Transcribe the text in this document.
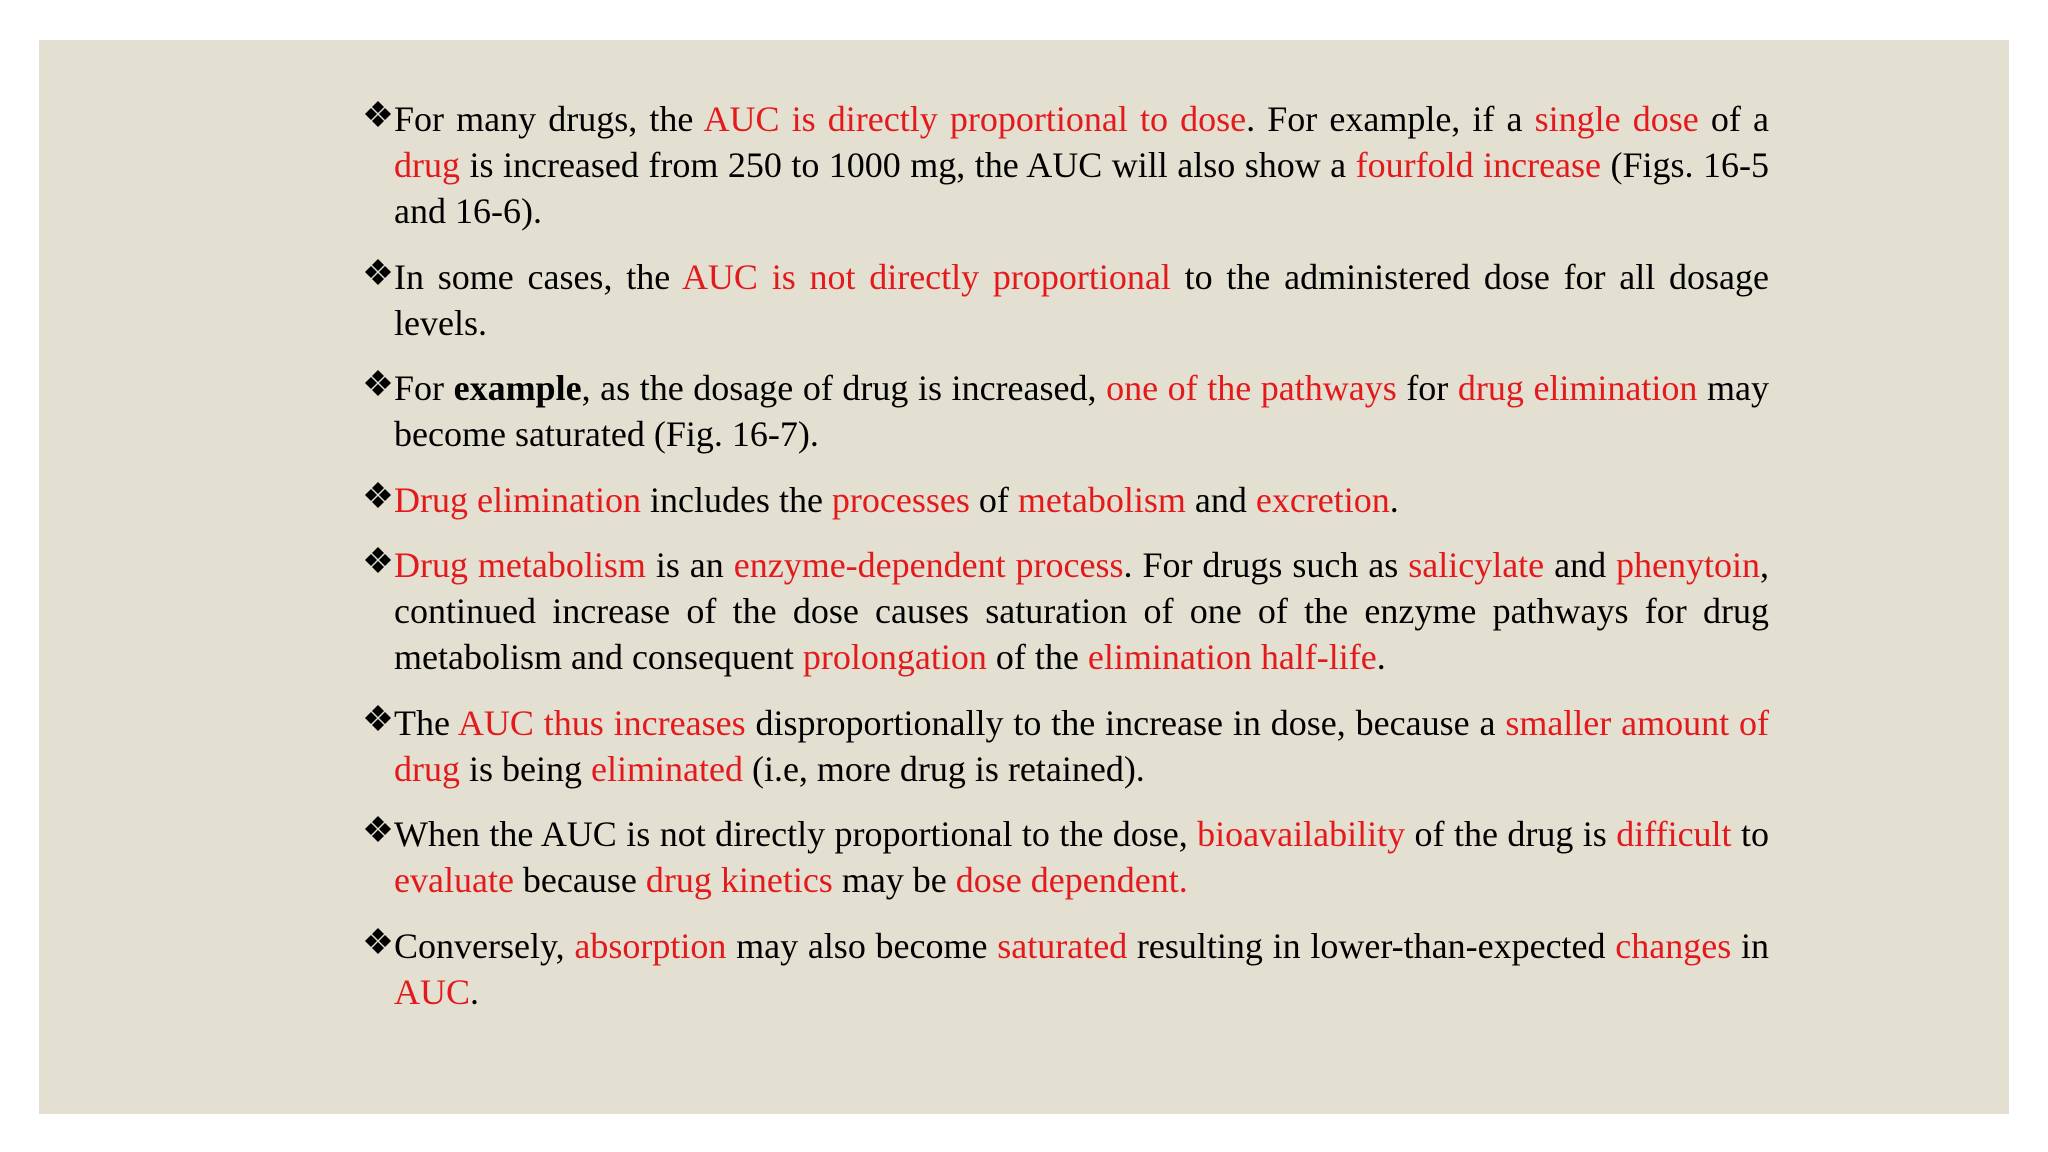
For many drugs, the AUC is directly proportional to dose. For example, if a single dose of a drug is increased from 250 to 1000 mg, the AUC will also show a fourfold increase (Figs. 16-5 and 16-6).
In some cases, the AUC is not directly proportional to the administered dose for all dosage levels.
For example, as the dosage of drug is increased, one of the pathways for drug elimination may become saturated (Fig. 16-7).
Drug elimination includes the processes of metabolism and excretion.
Drug metabolism is an enzyme-dependent process. For drugs such as salicylate and phenytoin, continued increase of the dose causes saturation of one of the enzyme pathways for drug metabolism and consequent prolongation of the elimination half-life.
The AUC thus increases disproportionally to the increase in dose, because a smaller amount of drug is being eliminated (i.e, more drug is retained).
When the AUC is not directly proportional to the dose, bioavailability of the drug is difficult to evaluate because drug kinetics may be dose dependent.
Conversely, absorption may also become saturated resulting in lower-than-expected changes in AUC.
